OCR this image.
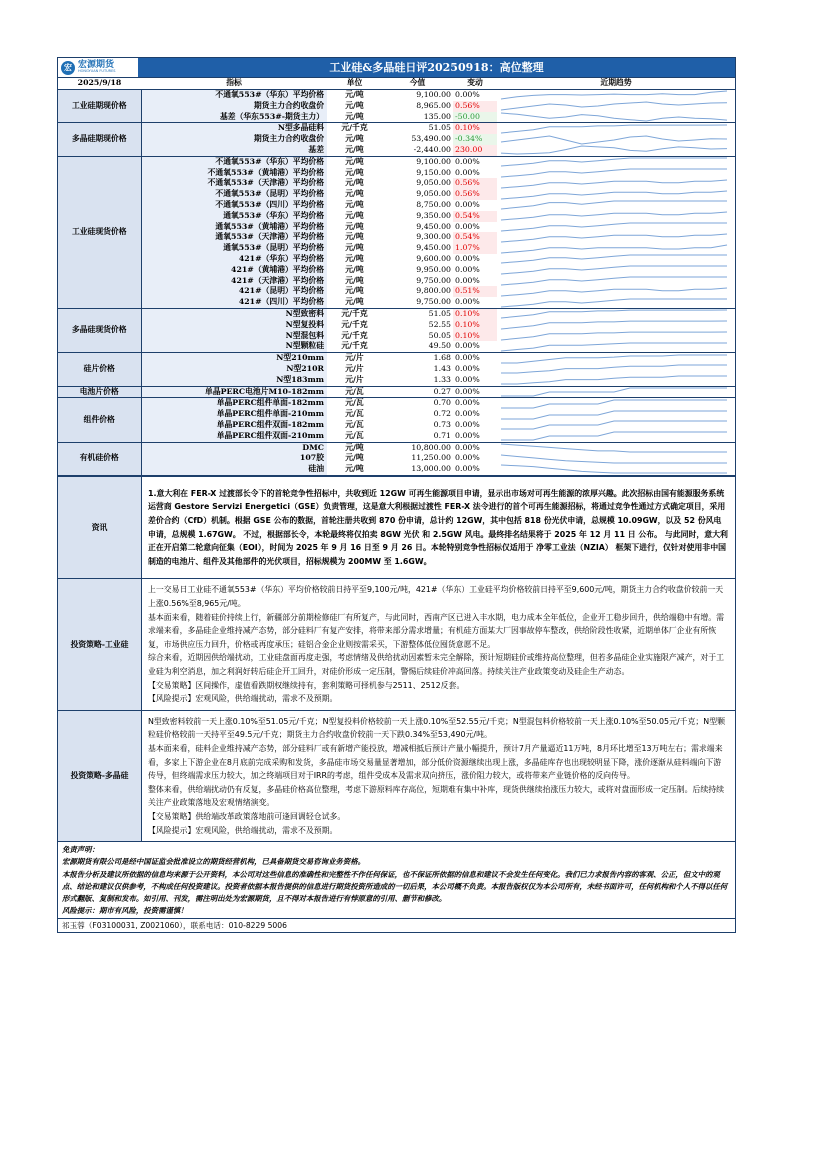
宏 宏源期货
HONGYUAN FUTURES	工业硅&多晶硅日评20250918：高位整理
2025/9/18	指标	单位	今值	变动	近期趋势
工业硅期现价格	不通氧553#（华东）平均价格	元/吨	9,100.00	0.00%	

	期货主力合约收盘价	元/吨	8,965.00	0.56%	

	基差（华东553#-期货主力）	元/吨	135.00	-50.00	

多晶硅期现价格	N型多晶硅料	元/千克	51.05	0.10%	

	期货主力合约收盘价	元/吨	53,490.00	-0.34%	

	基差	元/吨	-2,440.00	230.00	

工业硅现货价格	不通氧553#（华东）平均价格	元/吨	9,100.00	0.00%	

	不通氧553#（黄埔港）平均价格	元/吨	9,150.00	0.00%	

	不通氧553#（天津港）平均价格	元/吨	9,050.00	0.56%	

	不通氧553#（昆明）平均价格	元/吨	9,050.00	0.56%	

	不通氧553#（四川）平均价格	元/吨	8,750.00	0.00%	

	通氧553#（华东）平均价格	元/吨	9,350.00	0.54%	

	通氧553#（黄埔港）平均价格	元/吨	9,450.00	0.00%	

	通氧553#（天津港）平均价格	元/吨	9,300.00	0.54%	

	通氧553#（昆明）平均价格	元/吨	9,450.00	1.07%	

	421#（华东）平均价格	元/吨	9,600.00	0.00%	

	421#（黄埔港）平均价格	元/吨	9,950.00	0.00%	

	421#（天津港）平均价格	元/吨	9,750.00	0.00%	

	421#（昆明）平均价格	元/吨	9,800.00	0.51%	

	421#（四川）平均价格	元/吨	9,750.00	0.00%	

多晶硅现货价格	N型致密料	元/千克	51.05	0.10%	

	N型复投料	元/千克	52.55	0.10%	

	N型混包料	元/千克	50.05	0.10%	

	N型颗粒硅	元/千克	49.50	0.00%	

硅片价格	N型210mm	元/片	1.68	0.00%	

	N型210R	元/片	1.43	0.00%	

	N型183mm	元/片	1.33	0.00%	

电池片价格	单晶PERC电池片M10-182mm	元/瓦	0.27	0.00%	

组件价格	单晶PERC组件单面-182mm	元/瓦	0.70	0.00%	

	单晶PERC组件单面-210mm	元/瓦	0.72	0.00%	

	单晶PERC组件双面-182mm	元/瓦	0.73	0.00%	

	单晶PERC组件双面-210mm	元/瓦	0.71	0.00%	

有机硅价格	DMC	元/吨	10,800.00	0.00%	

	107胶	元/吨	11,250.00	0.00%	

	硅油	元/吨	13,000.00	0.00%	
资讯

1.意大利在 FER-X 过渡部长令下的首轮竞争性招标中，共收到近 12GW 可再生能源项目申请，显示出市场对可再生能源的浓厚兴趣。此次招标由国有能源服务系统运营商 Gestore Servizi Energetici（GSE）负责管理，这是意大利根据过渡性 FER-X 法令进行的首个可再生能源招标，将通过竞争性通过方式确定项目，采用差价合约（CfD）机制。根据 GSE 公布的数据，首轮注册共收到 870 份申请，总计约 12GW，其中包括 818 份光伏申请，总规模 10.09GW，以及 52 份风电申请，总规模 1.67GW。 不过，根据部长令，本轮最终将仅拍卖 8GW 光伏 和 2.5GW 风电。最终排名结果将于 2025 年 12 月 11 日 公布。 与此同时，意大利正在开启第二轮意向征集（EOI），时间为 2025 年 9 月 16 日至 9 月 26 日。本轮特别竞争性招标仅适用于 净零工业法（NZIA） 框架下进行，仅针对使用非中国制造的电池片、组件及其他部件的光伏项目，招标规模为 200MW 至 1.6GW。

投资策略-工业硅

上一交易日工业硅不通氧553#（华东）平均价格较前日持平至9,100元/吨，421#（华东）工业硅平均价格较前日持平至9,600元/吨，期货主力合约收盘价较前一天上涨0.56%至8,965元/吨。

基本面来看，随着硅价持续上行，新疆部分前期检修硅厂有所复产，与此同时，西南产区已进入丰水期，电力成本全年低位，企业开工稳步回升，供给端稳中有增。需求端来看，多晶硅企业维持减产态势，部分硅料厂有复产安排，将带来部分需求增量；有机硅方面某大厂因事故停车整改，供给阶段性收紧，近期单体厂企业有所恢复，市场供应压力回升，价格或再度承压；硅铝合金企业则按需采买，下游整体低位囤货意愿不足。

综合来看，近期因供给端扰动，工业硅盘面再度走强，考虑情绪及供给扰动因素暂未完全解除，预计短期硅价或维持高位整理，但若多晶硅企业实施限产减产，对于工业硅为利空消息，加之利润好转后硅企开工回升，对硅价形成一定压制，警惕后续硅价冲高回落。持续关注产业政策变动及硅企生产动态。

【交易策略】区间操作，虚值看跌期权继续持有，套利策略可择机参与2511、2512反套。

【风险提示】宏观风险，供给端扰动，需求不及预期。

投资策略-多晶硅

N型致密料较前一天上涨0.10%至51.05元/千克；N型复投料价格较前一天上涨0.10%至52.55元/千克；N型混包料价格较前一天上涨0.10%至50.05元/千克；N型颗粒硅价格较前一天持平至49.5元/千克；期货主力合约收盘价较前一天下跌0.34%至53,490元/吨。

基本面来看，硅料企业维持减产态势，部分硅料厂或有新增产能投放，增减相抵后预计产量小幅提升，预计7月产量逼近11万吨，8月环比增至13万吨左右；需求端来看，多家上下游企业在8月底前完成采购和发货，多晶硅市场交易量显著增加，部分低价资源继续出现上涨，多晶硅库存也出现较明显下降，涨价逐渐从硅料端向下游传导，但终端需求压力较大，加之终端项目对于IRR的考虑，组件受成本及需求双向挤压，涨价阻力较大，或将带来产业链价格的反向传导。

整体来看，供给端扰动仍有反复，多晶硅价格高位整理，考虑下游原料库存高位，短期难有集中补库，现货供继续抬涨压力较大，或将对盘面形成一定压制。后续持续关注产业政策落地及宏观情绪演变。

【交易策略】供给端改革政策落地前可逢回调轻仓试多。

【风险提示】宏观风险，供给端扰动，需求不及预期。

免责声明：

宏源期货有限公司是经中国证监会批准设立的期货经营机构，已具备期货交易咨询业务资格。

本报告分析及建议所依据的信息均来源于公开资料，本公司对这些信息的准确性和完整性不作任何保证，也不保证所依据的信息和建议不会发生任何变化。我们已力求报告内容的客观、公正，但文中的观点、结论和建议仅供参考，不构成任何投资建议。投资者依据本报告提供的信息进行期货投资所造成的一切后果，本公司概不负责。本报告版权仅为本公司所有，未经书面许可，任何机构和个人不得以任何形式翻版、复制和发布。如引用、刊发，需注明出处为宏源期货，且不得对本报告进行有悖原意的引用、删节和修改。

风险提示：期市有风险，投资需谨慎！

祁玉蓉（F03100031, Z0021060），联系电话：010-8229 5006
